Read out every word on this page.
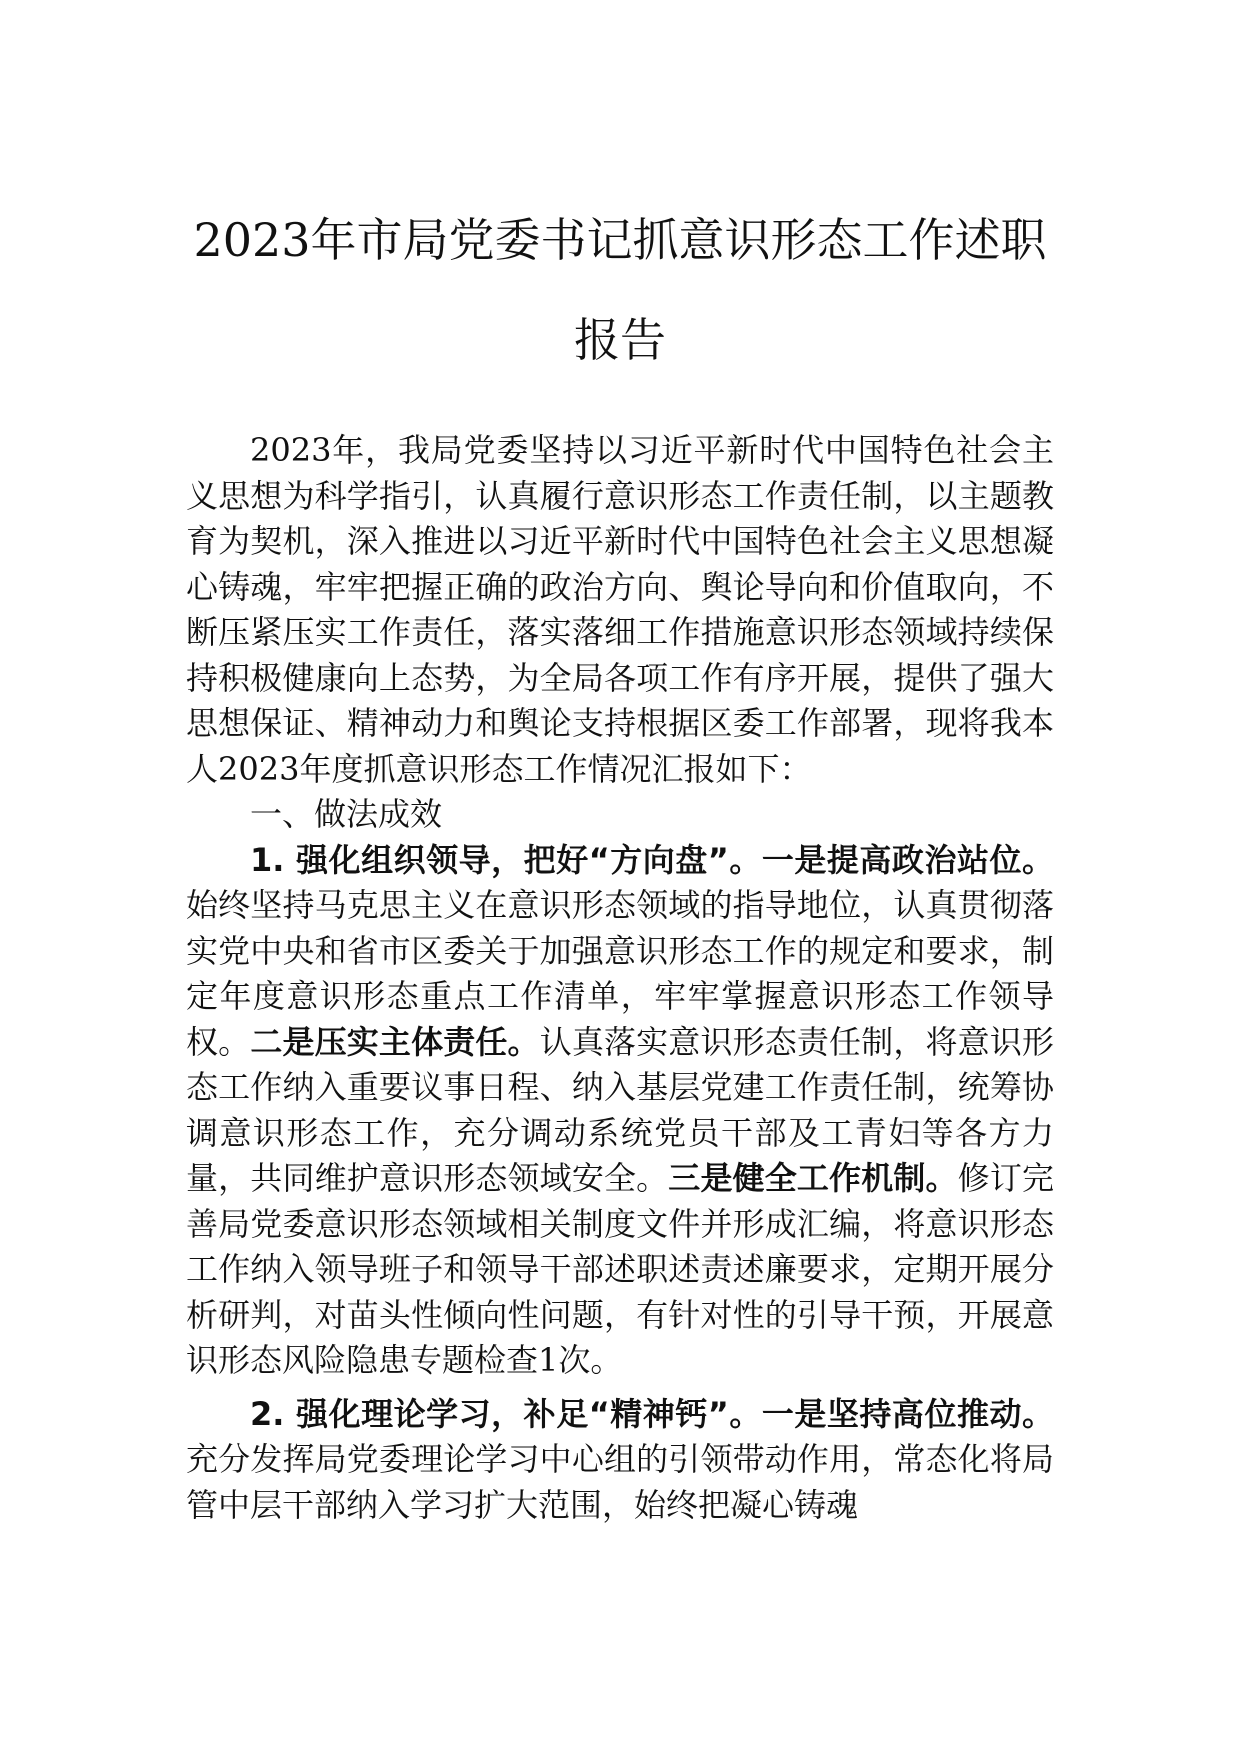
2023年市局党委书记抓意识形态工作述职
报告

2023年，我局党委坚持以习近平新时代中国特色社会主义思想为科学指引，认真履行意识形态工作责任制，以主题教育为契机，深入推进以习近平新时代中国特色社会主义思想凝心铸魂，牢牢把握正确的政治方向、舆论导向和价值取向，不断压紧压实工作责任，落实落细工作措施意识形态领域持续保持积极健康向上态势，为全局各项工作有序开展，提供了强大思想保证、精神动力和舆论支持根据区委工作部署，现将我本人2023年度抓意识形态工作情况汇报如下：

一、做法成效

1. 强化组织领导，把好“方向盘”。一是提高政治站位。始终坚持马克思主义在意识形态领域的指导地位，认真贯彻落实党中央和省市区委关于加强意识形态工作的规定和要求，制定年度意识形态重点工作清单，牢牢掌握意识形态工作领导权。二是压实主体责任。认真落实意识形态责任制，将意识形态工作纳入重要议事日程、纳入基层党建工作责任制，统筹协调意识形态工作，充分调动系统党员干部及工青妇等各方力量，共同维护意识形态领域安全。三是健全工作机制。修订完善局党委意识形态领域相关制度文件并形成汇编，将意识形态工作纳入领导班子和领导干部述职述责述廉要求，定期开展分析研判，对苗头性倾向性问题，有针对性的引导干预，开展意识形态风险隐患专题检查1次。

2. 强化理论学习，补足“精神钙”。一是坚持高位推动。充分发挥局党委理论学习中心组的引领带动作用，常态化将局管中层干部纳入学习扩大范围，始终把凝心铸魂
